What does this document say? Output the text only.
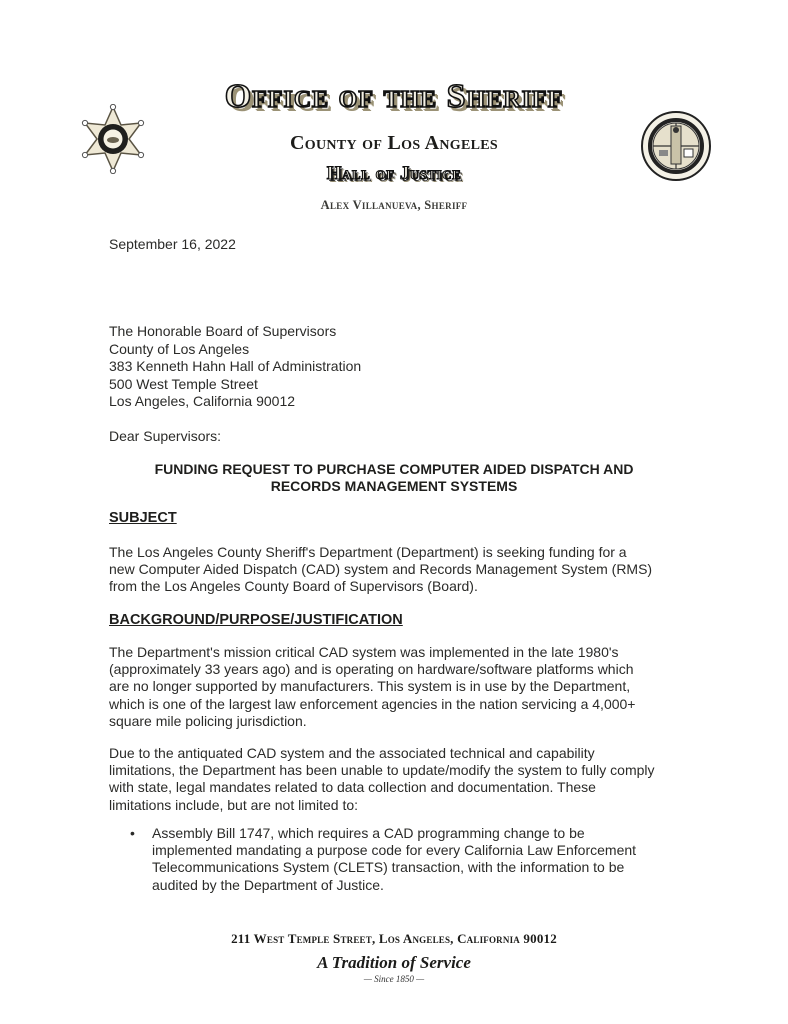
Office of the Sheriff
County of Los Angeles
Hall of Justice
Alex Villanueva, Sheriff
September 16, 2022
The Honorable Board of Supervisors
County of Los Angeles
383 Kenneth Hahn Hall of Administration
500 West Temple Street
Los Angeles, California 90012
Dear Supervisors:
FUNDING REQUEST TO PURCHASE COMPUTER AIDED DISPATCH AND
RECORDS MANAGEMENT SYSTEMS
SUBJECT
The Los Angeles County Sheriff's Department (Department) is seeking funding for a
new Computer Aided Dispatch (CAD) system and Records Management System (RMS)
from the Los Angeles County Board of Supervisors (Board).
BACKGROUND/PURPOSE/JUSTIFICATION
The Department's mission critical CAD system was implemented in the late 1980's
(approximately 33 years ago) and is operating on hardware/software platforms which
are no longer supported by manufacturers. This system is in use by the Department,
which is one of the largest law enforcement agencies in the nation servicing a 4,000+
square mile policing jurisdiction.
Due to the antiquated CAD system and the associated technical and capability
limitations, the Department has been unable to update/modify the system to fully comply
with state, legal mandates related to data collection and documentation. These
limitations include, but are not limited to:
• Assembly Bill 1747, which requires a CAD programming change to be
implemented mandating a purpose code for every California Law Enforcement
Telecommunications System (CLETS) transaction, with the information to be
audited by the Department of Justice.
211 West Temple Street, Los Angeles, California 90012
A Tradition of Service
— Since 1850 —
